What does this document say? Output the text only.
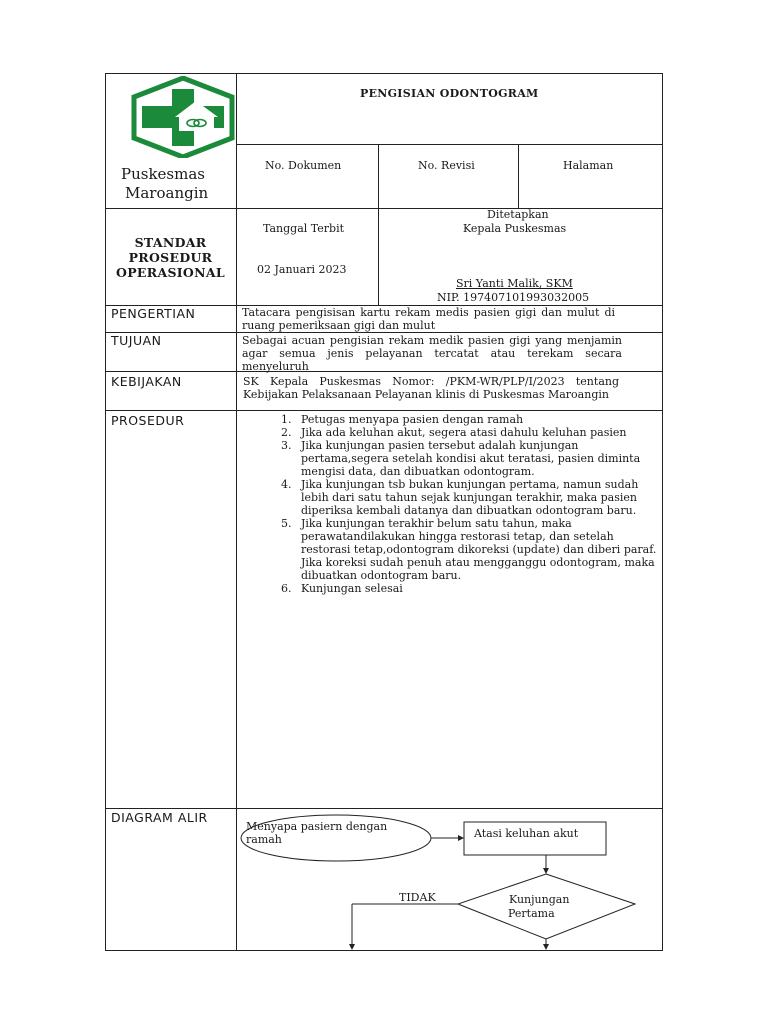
Puskesmas
Maroangin
STANDAR
PROSEDUR
OPERASIONAL
PENGISIAN ODONTOGRAM
No. Dokumen	No. Revisi	Halaman
Tanggal Terbit
02 Januari 2023
Ditetapkan
Kepala Puskesmas
Sri Yanti Malik, SKM
NIP. 197407101993032005
PENGERTIAN	Tatacara pengisisan kartu rekam medis pasien gigi dan mulut di ruang pemeriksaan gigi dan mulut
TUJUAN	Sebagai acuan pengisian rekam medik pasien gigi yang menjamin agar semua jenis pelayanan tercatat atau terekam secara menyeluruh
KEBIJAKAN	SK Kepala Puskesmas Nomor: /PKM-WR/PLP/I/2023 tentang Kebijakan Pelaksanaan Pelayanan klinis di Puskesmas Maroangin
PROSEDUR
1.	Petugas menyapa pasien dengan ramah
2. Jika ada keluhan akut, segera atasi dahulu keluhan pasien
3. Jika kunjungan pasien tersebut adalah kunjungan pertama,segera setelah kondisi akut teratasi, pasien diminta mengisi data, dan dibuatkan odontogram.
4. Jika kunjungan tsb bukan kunjungan pertama, namun sudah lebih dari satu tahun sejak kunjungan terakhir, maka pasien diperiksa kembali datanya dan dibuatkan odontogram baru.
5. Jika kunjungan terakhir belum satu tahun, maka perawatandilakukan hingga restorasi tetap, dan setelah restorasi tetap,odontogram dikoreksi (update) dan diberi paraf. Jika koreksi sudah penuh atau mengganggu odontogram, maka dibuatkan odontogram baru.
6. Kunjungan selesai
DIAGRAM ALIR
Menyapa pasiern dengan
ramah	Atasi keluhan akut
Kunjungan
Pertama
TIDAK
